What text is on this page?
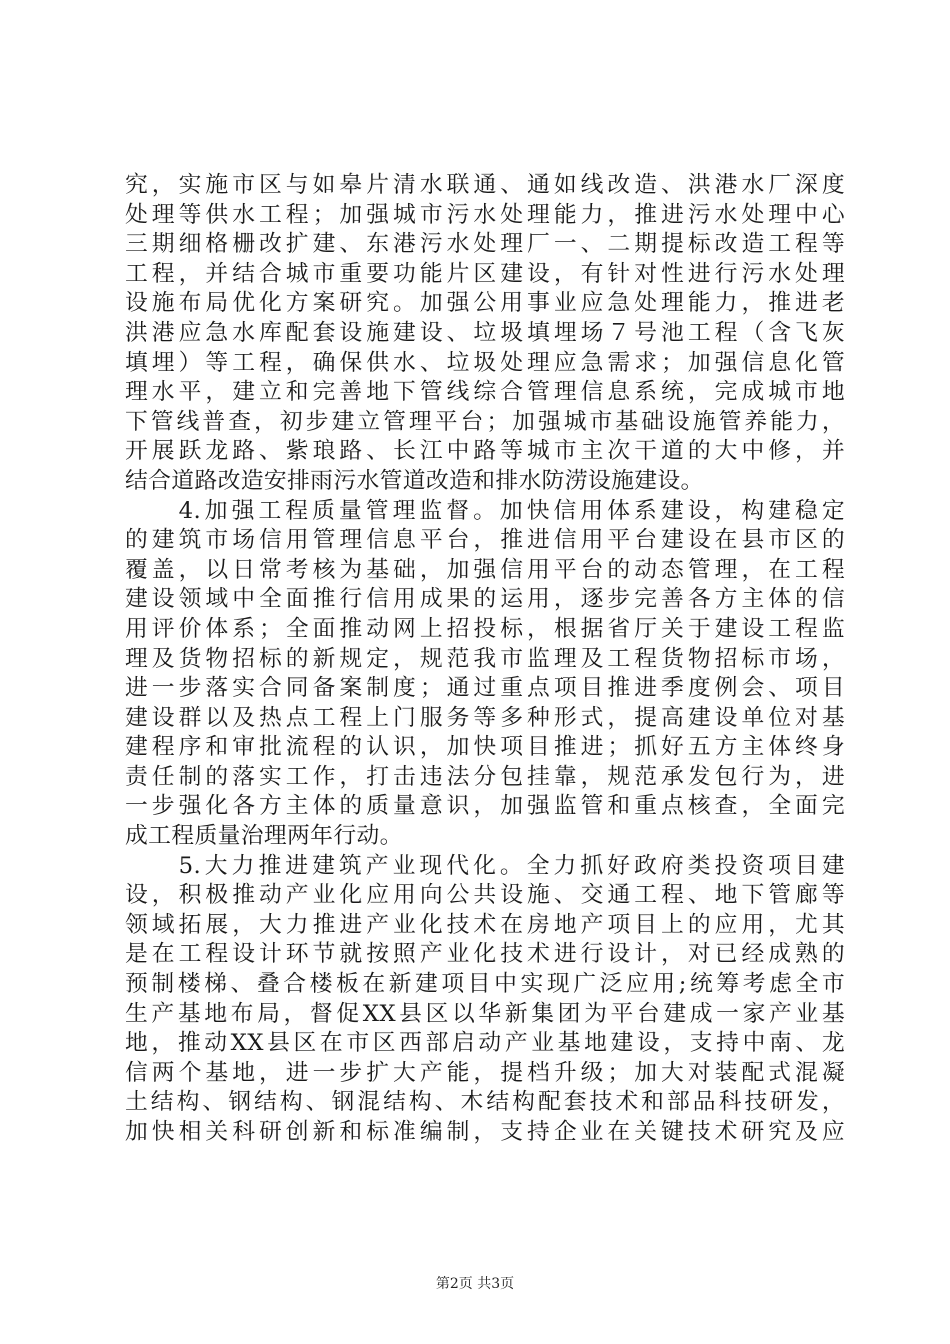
究，实施市区与如皋片清水联通、通如线改造、洪港水厂深度
处理等供水工程；加强城市污水处理能力，推进污水处理中心
三期细格栅改扩建、东港污水处理厂一、二期提标改造工程等
工程，并结合城市重要功能片区建设，有针对性进行污水处理
设施布局优化方案研究。加强公用事业应急处理能力，推进老
洪港应急水库配套设施建设、垃圾填埋场７号池工程（含飞灰
填埋）等工程，确保供水、垃圾处理应急需求；加强信息化管
理水平，建立和完善地下管线综合管理信息系统，完成城市地
下管线普查，初步建立管理平台；加强城市基础设施管养能力，
开展跃龙路、紫琅路、长江中路等城市主次干道的大中修，并
结合道路改造安排雨污水管道改造和排水防涝设施建设。
　　4.加强工程质量管理监督。加快信用体系建设，构建稳定
的建筑市场信用管理信息平台，推进信用平台建设在县市区的
覆盖，以日常考核为基础，加强信用平台的动态管理，在工程
建设领域中全面推行信用成果的运用，逐步完善各方主体的信
用评价体系；全面推动网上招投标，根据省厅关于建设工程监
理及货物招标的新规定，规范我市监理及工程货物招标市场，
进一步落实合同备案制度；通过重点项目推进季度例会、项目
建设群以及热点工程上门服务等多种形式，提高建设单位对基
建程序和审批流程的认识，加快项目推进；抓好五方主体终身
责任制的落实工作，打击违法分包挂靠，规范承发包行为，进
一步强化各方主体的质量意识，加强监管和重点核查，全面完
成工程质量治理两年行动。
　　5.大力推进建筑产业现代化。全力抓好政府类投资项目建
设，积极推动产业化应用向公共设施、交通工程、地下管廊等
领域拓展，大力推进产业化技术在房地产项目上的应用，尤其
是在工程设计环节就按照产业化技术进行设计，对已经成熟的
预制楼梯、叠合楼板在新建项目中实现广泛应用;统筹考虑全市
生产基地布局，督促XX县区以华新集团为平台建成一家产业基
地，推动XX县区在市区西部启动产业基地建设，支持中南、龙
信两个基地，进一步扩大产能，提档升级；加大对装配式混凝
土结构、钢结构、钢混结构、木结构配套技术和部品科技研发，
加快相关科研创新和标准编制，支持企业在关键技术研究及应
第2页 共3页
